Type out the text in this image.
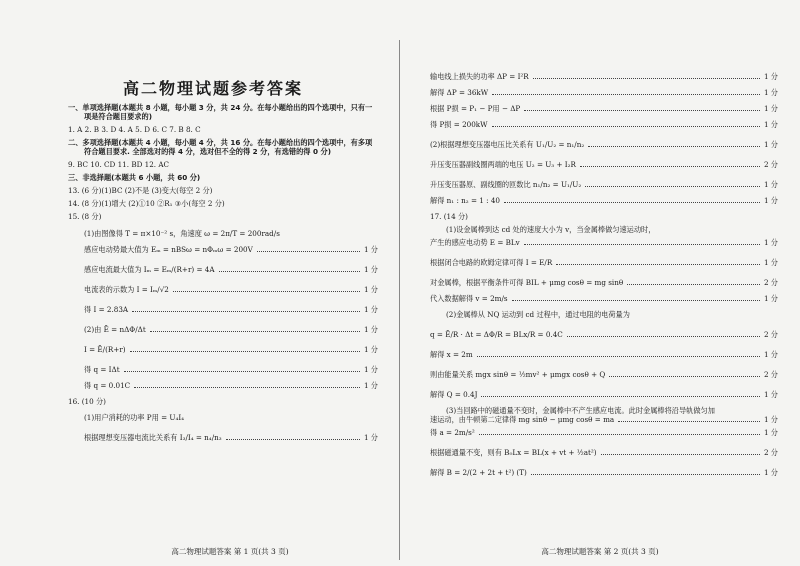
高二物理试题参考答案
一、单项选择题(本题共 8 小题，每小题 3 分，共 24 分。在每小题给出的四个选项中，只有一
项是符合题目要求的)
1. A 2. B 3. D 4. A 5. D 6. C 7. B 8. C
二、多项选择题(本题共 4 小题，每小题 4 分，共 16 分。在每小题给出的四个选项中，有多项
符合题目要求. 全部选对的得 4 分，选对但不全的得 2 分，有选错的得 0 分)
9. BC 10. CD 11. BD 12. AC
三、非选择题(本题共 6 小题，共 60 分)
13. (6 分)(1)BC (2)不是 (3)变大(每空 2 分)
14. (8 分)(1)增大 (2)①10 ②R₁ ③小(每空 2 分)
15. (8 分)
(1)由图像得 T = π×10⁻² s，角速度 ω = 2π/T = 200rad/s
感应电动势最大值为 Eₘ = nBSω = nΦₘω = 200V	1 分
感应电流最大值为 Iₘ = Eₘ/(R+r) = 4A	1 分
电流表的示数为 I = Iₘ/√2	1 分
得 I = 2.83A	1 分
(2)由 Ē = nΔΦ/Δt	1 分
I = Ē/(R+r)	1 分
得 q = IΔt	1 分
得 q = 0.01C	1 分
16. (10 分)
(1)用户消耗的功率 P用 = U₄I₄
根据理想变压器电流比关系有 I₃/I₄ = n₄/n₃	1 分
高二物理试题答案 第 1 页(共 3 页)
输电线上损失的功率 ΔP = I²R	1 分
解得 ΔP = 36kW	1 分
根据 P损 = P₁ − P用 − ΔP	1 分
得 P损 = 200kW	1 分
(2)根据理想变压器电压比关系有 U₁/U₂ = n₁/n₂	1 分
升压变压器副线圈两端的电压 U₂ = U₃ + I₂R	2 分
升压变压器原、副线圈的匝数比 n₁/n₂ = U₁/U₂	1 分
解得 n₁ : n₂ = 1 : 40	1 分
17. (14 分)
(1)设金属棒到达 cd 处的速度大小为 v，当金属棒做匀速运动时，
产生的感应电动势 E = BLv	1 分
根据闭合电路的欧姆定律可得 I = E/R	1 分
对金属棒，根据平衡条件可得 BIL + μmg cosθ = mg sinθ	2 分
代入数据解得 v = 2m/s	1 分
(2)金属棒从 NQ 运动到 cd 过程中，通过电阻的电荷量为
q = Ē/R · Δt = ΔΦ/R = BLx/R = 0.4C	2 分
解得 x = 2m	1 分
则由能量关系 mgx sinθ = ½mv² + μmgx cosθ + Q	2 分
解得 Q = 0.4J	1 分
(3)当回路中的磁通量不变时，金属棒中不产生感应电流。此时金属棒将沿导轨做匀加
速运动，由牛顿第二定律得 mg sinθ − μmg cosθ = ma	1 分
得 a = 2m/s²	1 分
根据磁通量不变，则有 B₀Lx = BL(x + vt + ½at²)	2 分
解得 B = 2/(2 + 2t + t²) (T)	1 分
高二物理试题答案 第 2 页(共 3 页)
